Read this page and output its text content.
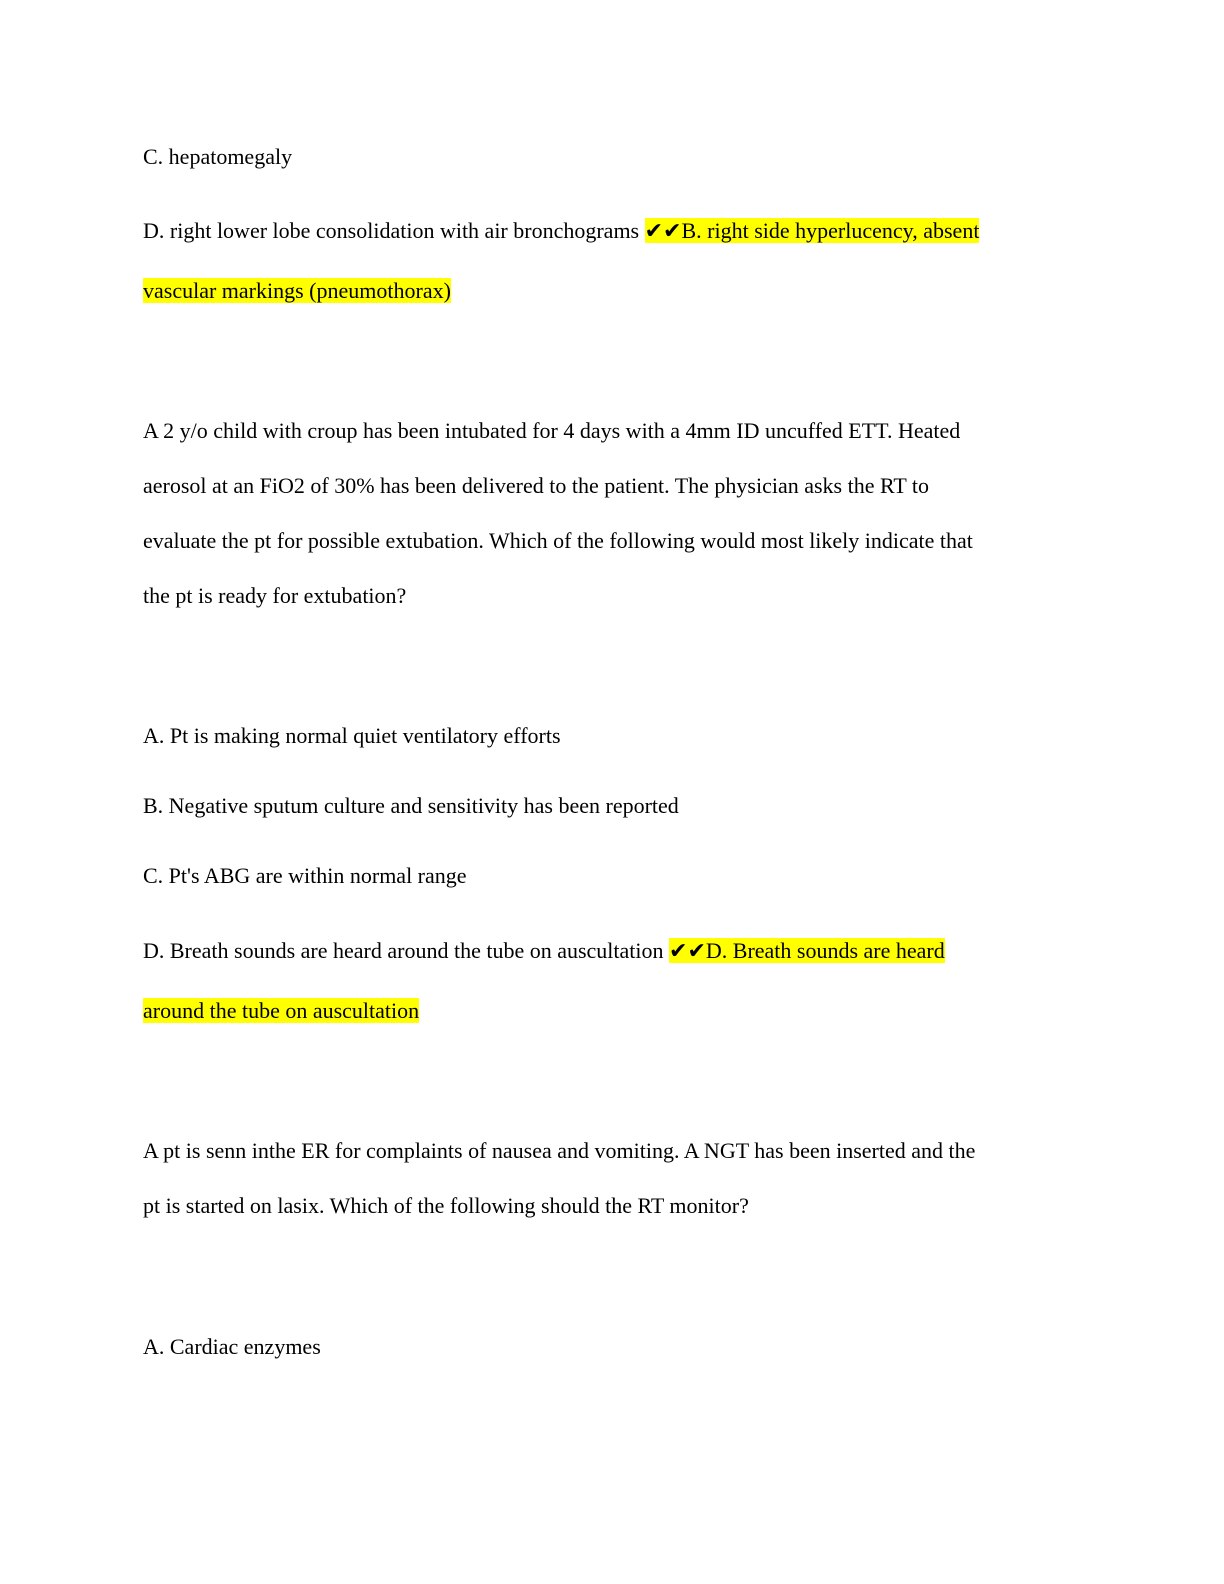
C. hepatomegaly
D. right lower lobe consolidation with air bronchograms ✔✔B. right side hyperlucency, absent
vascular markings (pneumothorax)
A 2 y/o child with croup has been intubated for 4 days with a 4mm ID uncuffed ETT. Heated
aerosol at an FiO2 of 30% has been delivered to the patient. The physician asks the RT to
evaluate the pt for possible extubation. Which of the following would most likely indicate that
the pt is ready for extubation?
A. Pt is making normal quiet ventilatory efforts
B. Negative sputum culture and sensitivity has been reported
C. Pt's ABG are within normal range
D. Breath sounds are heard around the tube on auscultation ✔✔D. Breath sounds are heard
around the tube on auscultation
A pt is senn inthe ER for complaints of nausea and vomiting. A NGT has been inserted and the
pt is started on lasix. Which of the following should the RT monitor?
A. Cardiac enzymes
